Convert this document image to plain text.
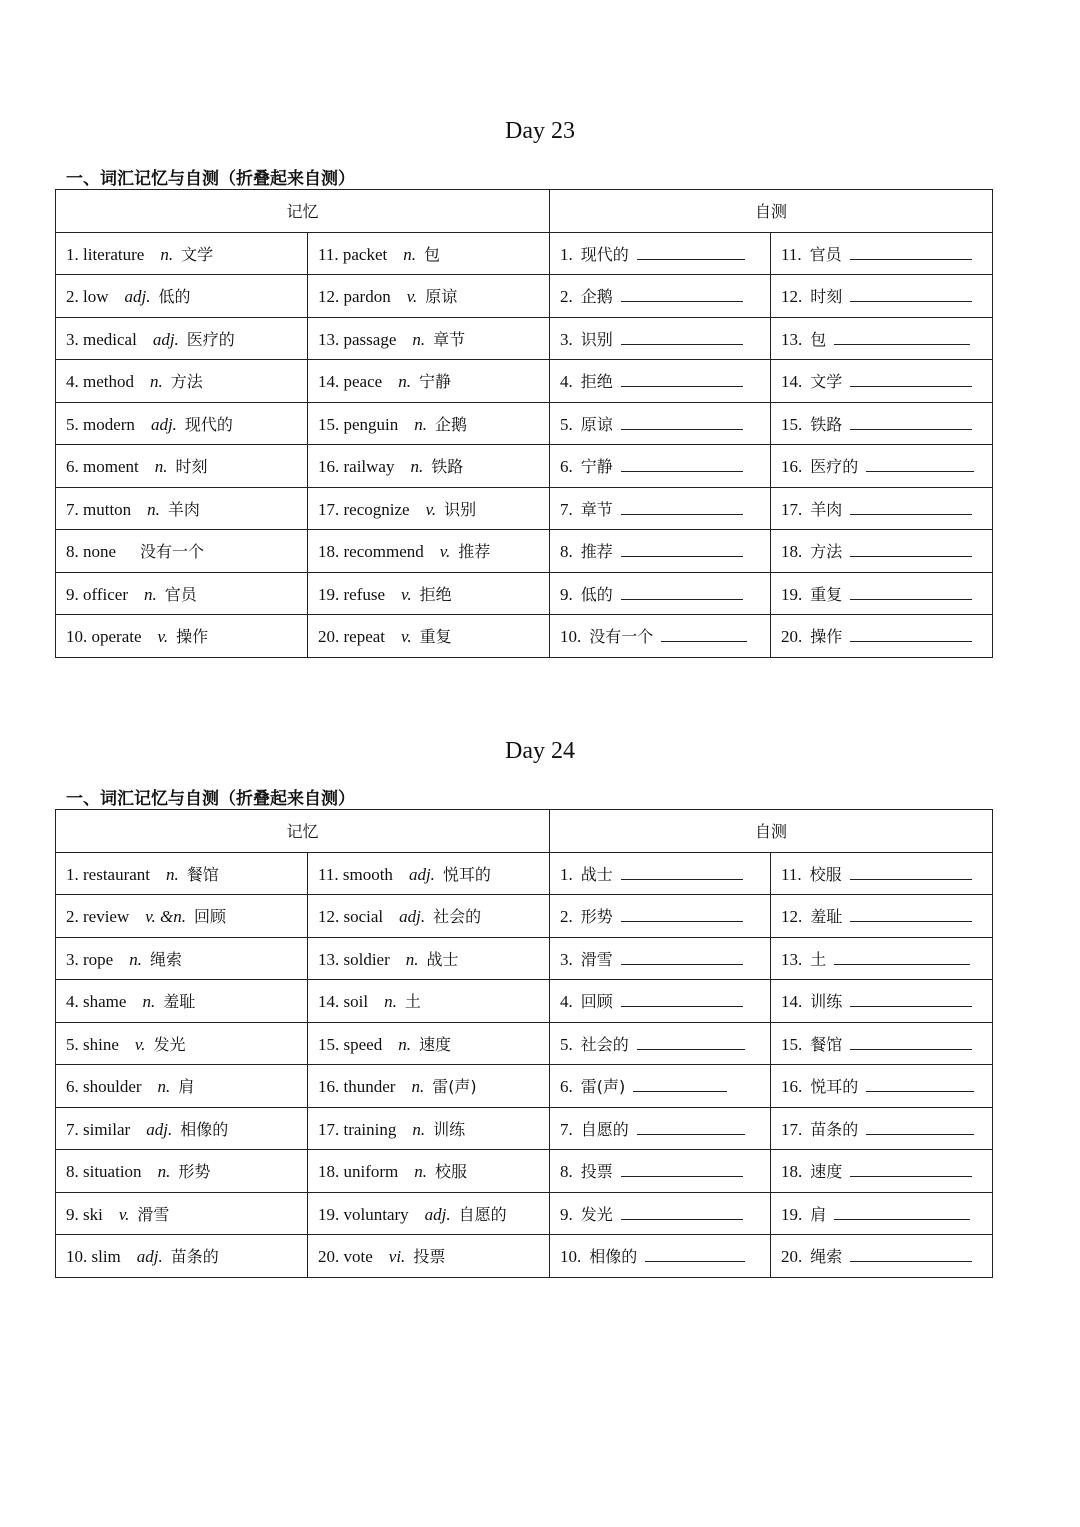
Day 23
一、词汇记忆与自测（折叠起来自测）
记忆		自测	
1. literature n. 文学	11. packet n. 包	1. 现代的	11. 官员
2. low adj. 低的	12. pardon v. 原谅	2. 企鹅	12. 时刻
3. medical adj. 医疗的	13. passage n. 章节	3. 识别	13. 包
4. method n. 方法	14. peace n. 宁静	4. 拒绝	14. 文学
5. modern adj. 现代的	15. penguin n. 企鹅	5. 原谅	15. 铁路
6. moment n. 时刻	16. railway n. 铁路	6. 宁静	16. 医疗的
7. mutton n. 羊肉	17. recognize v. 识别	7. 章节	17. 羊肉
8. none 没有一个	18. recommend v. 推荐	8. 推荐	18. 方法
9. officer n. 官员	19. refuse v. 拒绝	9. 低的	19. 重复
10. operate v. 操作	20. repeat v. 重复	10. 没有一个	20. 操作
Day 24
一、词汇记忆与自测（折叠起来自测）
记忆		自测	
1. restaurant n. 餐馆	11. smooth adj. 悦耳的	1. 战士	11. 校服
2. review v. &n. 回顾	12. social adj. 社会的	2. 形势	12. 羞耻
3. rope n. 绳索	13. soldier n. 战士	3. 滑雪	13. 土
4. shame n. 羞耻	14. soil n. 土	4. 回顾	14. 训练
5. shine v. 发光	15. speed n. 速度	5. 社会的	15. 餐馆
6. shoulder n. 肩	16. thunder n. 雷(声)	6. 雷(声)	16. 悦耳的
7. similar adj. 相像的	17. training n. 训练	7. 自愿的	17. 苗条的
8. situation n. 形势	18. uniform n. 校服	8. 投票	18. 速度
9. ski v. 滑雪	19. voluntary adj. 自愿的	9. 发光	19. 肩
10. slim adj. 苗条的	20. vote vi. 投票	10. 相像的	20. 绳索
